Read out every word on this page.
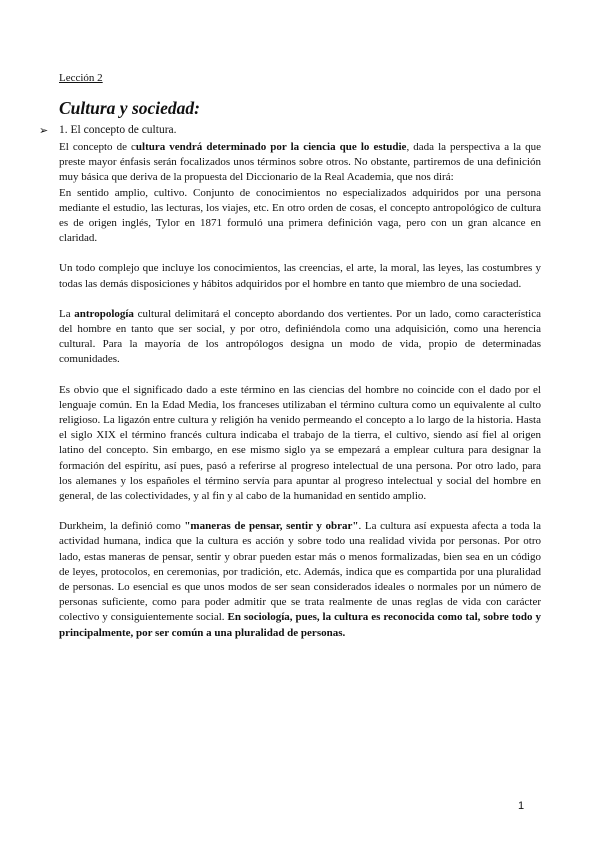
Lección 2
Cultura y sociedad:
➢ 1. El concepto de cultura.

El concepto de cultura vendrá determinado por la ciencia que lo estudie, dada la perspectiva a la que preste mayor énfasis serán focalizados unos términos sobre otros. No obstante, partiremos de una definición muy básica que deriva de la propuesta del Diccionario de la Real Academia, que nos dirá:

En sentido amplio, cultivo. Conjunto de conocimientos no especializados adquiridos por una persona mediante el estudio, las lecturas, los viajes, etc. En otro orden de cosas, el concepto antropológico de cultura es de origen inglés, Tylor en 1871 formuló una primera definición vaga, pero con un gran alcance en claridad.

Un todo complejo que incluye los conocimientos, las creencias, el arte, la moral, las leyes, las costumbres y todas las demás disposiciones y hábitos adquiridos por el hombre en tanto que miembro de una sociedad.

La antropología cultural delimitará el concepto abordando dos vertientes. Por un lado, como característica del hombre en tanto que ser social, y por otro, definiéndola como una adquisición, como una herencia cultural. Para la mayoría de los antropólogos designa un modo de vida, propio de determinadas comunidades.

Es obvio que el significado dado a este término en las ciencias del hombre no coincide con el dado por el lenguaje común. En la Edad Media, los franceses utilizaban el término cultura como un equivalente al culto religioso. La ligazón entre cultura y religión ha venido permeando el concepto a lo largo de la historia. Hasta el siglo XIX el término francés cultura indicaba el trabajo de la tierra, el cultivo, siendo así fiel al origen latino del concepto. Sin embargo, en ese mismo siglo ya se empezará a emplear cultura para designar la formación del espíritu, así pues, pasó a referirse al progreso intelectual de una persona. Por otro lado, para los alemanes y los españoles el término servía para apuntar al progreso intelectual y social del hombre en general, de las colectividades, y al fin y al cabo de la humanidad en sentido amplio.

Durkheim, la definió como "maneras de pensar, sentir y obrar". La cultura así expuesta afecta a toda la actividad humana, indica que la cultura es acción y sobre todo una realidad vivida por personas. Por otro lado, estas maneras de pensar, sentir y obrar pueden estar más o menos formalizadas, bien sea en un código de leyes, protocolos, en ceremonias, por tradición, etc. Además, indica que es compartida por una pluralidad de personas. Lo esencial es que unos modos de ser sean considerados ideales o normales por un número de personas suficiente, como para poder admitir que se trata realmente de unas reglas de vida con carácter colectivo y consiguientemente social. En sociología, pues, la cultura es reconocida como tal, sobre todo y principalmente, por ser común a una pluralidad de personas.

1
